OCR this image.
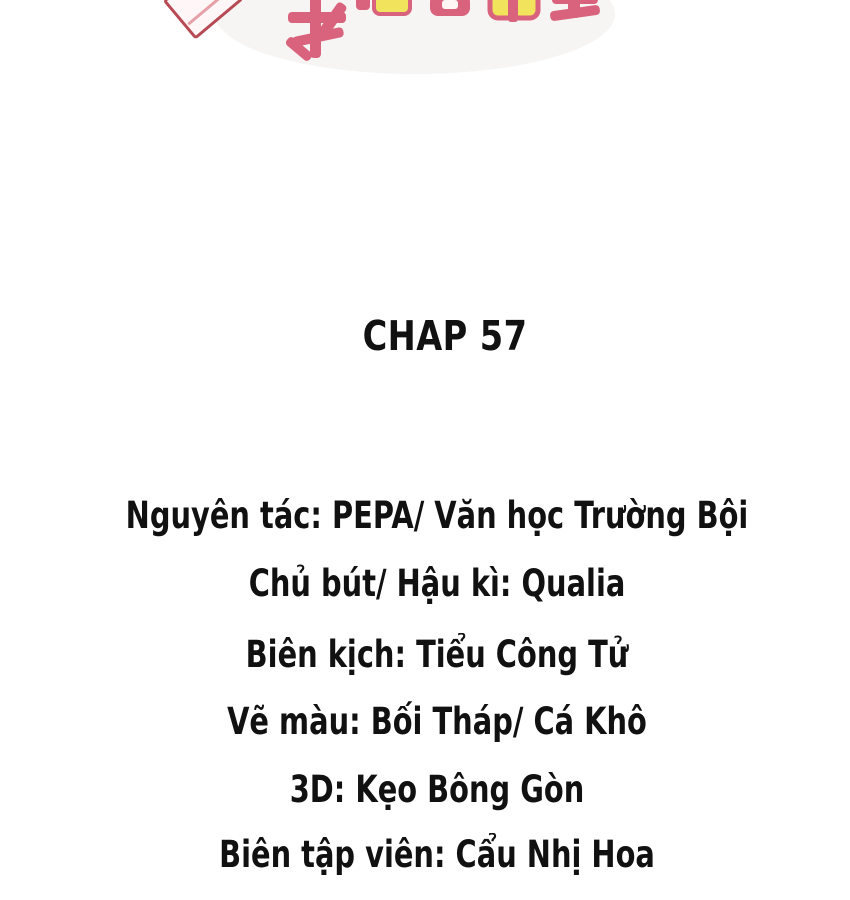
CHAP 57
Nguyên tác: PEPA/ Văn học Trường Bội
Chủ bút/ Hậu kì: Qualia
Biên kịch: Tiểu Công Tử
Vẽ màu: Bối Tháp/ Cá Khô
3D: Kẹo Bông Gòn
Biên tập viên: Cẩu Nhị Hoa
